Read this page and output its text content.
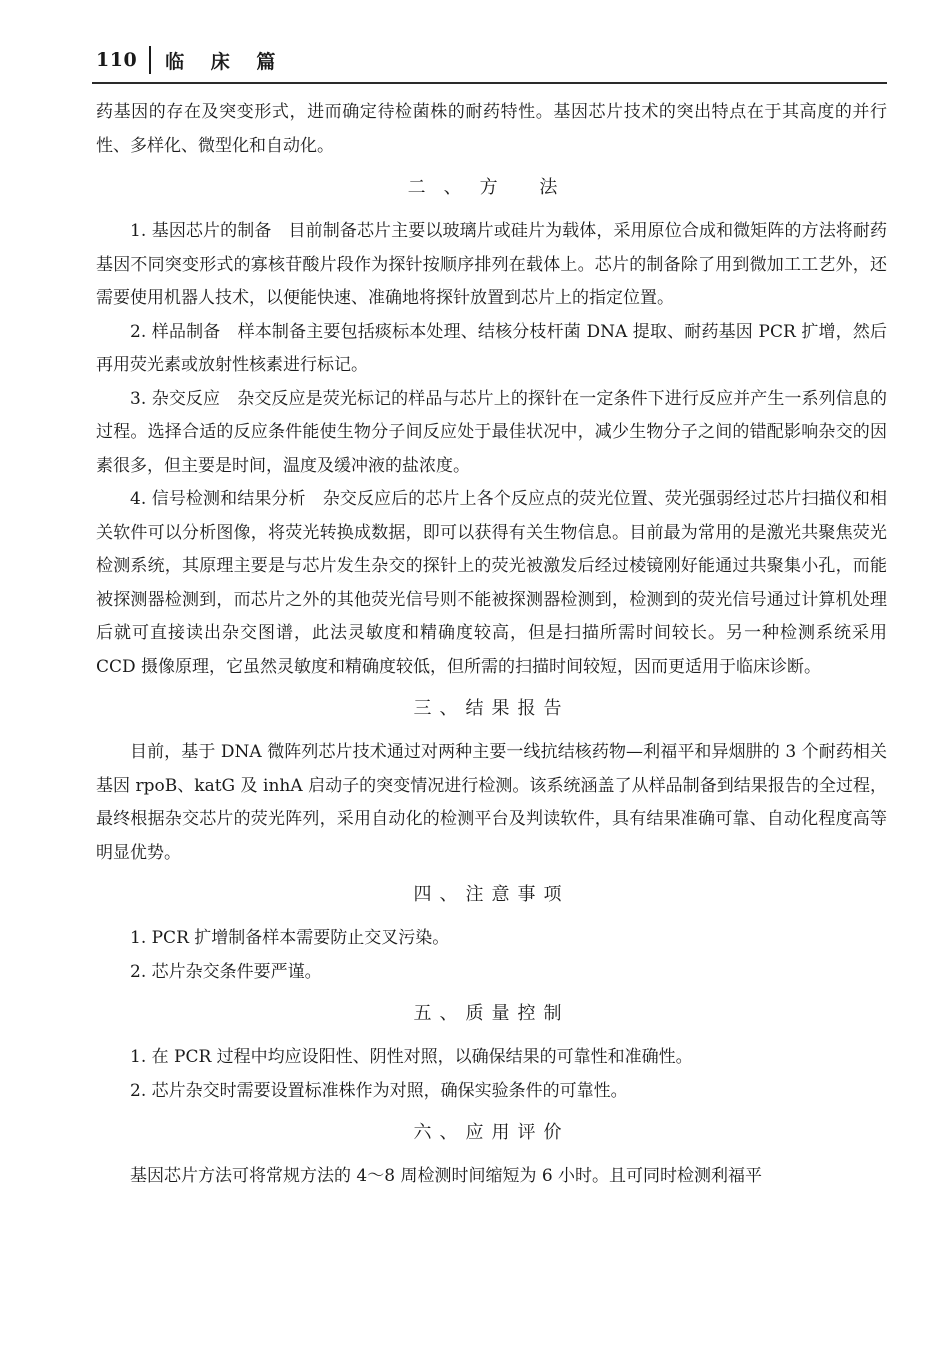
110 临 床 篇

药基因的存在及突变形式，进而确定待检菌株的耐药特性。基因芯片技术的突出特点在于其高度的并行性、多样化、微型化和自动化。

二、方 法

1. 基因芯片的制备　目前制备芯片主要以玻璃片或硅片为载体，采用原位合成和微矩阵的方法将耐药基因不同突变形式的寡核苷酸片段作为探针按顺序排列在载体上。芯片的制备除了用到微加工工艺外，还需要使用机器人技术，以便能快速、准确地将探针放置到芯片上的指定位置。

2. 样品制备　样本制备主要包括痰标本处理、结核分枝杆菌 DNA 提取、耐药基因 PCR 扩增，然后再用荧光素或放射性核素进行标记。

3. 杂交反应　杂交反应是荧光标记的样品与芯片上的探针在一定条件下进行反应并产生一系列信息的过程。选择合适的反应条件能使生物分子间反应处于最佳状况中，减少生物分子之间的错配影响杂交的因素很多，但主要是时间，温度及缓冲液的盐浓度。

4. 信号检测和结果分析　杂交反应后的芯片上各个反应点的荧光位置、荧光强弱经过芯片扫描仪和相关软件可以分析图像，将荧光转换成数据，即可以获得有关生物信息。目前最为常用的是激光共聚焦荧光检测系统，其原理主要是与芯片发生杂交的探针上的荧光被激发后经过棱镜刚好能通过共聚集小孔，而能被探测器检测到，而芯片之外的其他荧光信号则不能被探测器检测到，检测到的荧光信号通过计算机处理后就可直接读出杂交图谱，此法灵敏度和精确度较高，但是扫描所需时间较长。另一种检测系统采用 CCD 摄像原理，它虽然灵敏度和精确度较低，但所需的扫描时间较短，因而更适用于临床诊断。

三、结果报告

目前，基于 DNA 微阵列芯片技术通过对两种主要一线抗结核药物—利福平和异烟肼的 3 个耐药相关基因 rpoB、katG 及 inhA 启动子的突变情况进行检测。该系统涵盖了从样品制备到结果报告的全过程，最终根据杂交芯片的荧光阵列，采用自动化的检测平台及判读软件，具有结果准确可靠、自动化程度高等明显优势。

四、注意事项

1. PCR 扩增制备样本需要防止交叉污染。

2. 芯片杂交条件要严谨。

五、质量控制

1. 在 PCR 过程中均应设阳性、阴性对照，以确保结果的可靠性和准确性。

2. 芯片杂交时需要设置标准株作为对照，确保实验条件的可靠性。

六、应用评价

基因芯片方法可将常规方法的 4～8 周检测时间缩短为 6 小时。且可同时检测利福平
